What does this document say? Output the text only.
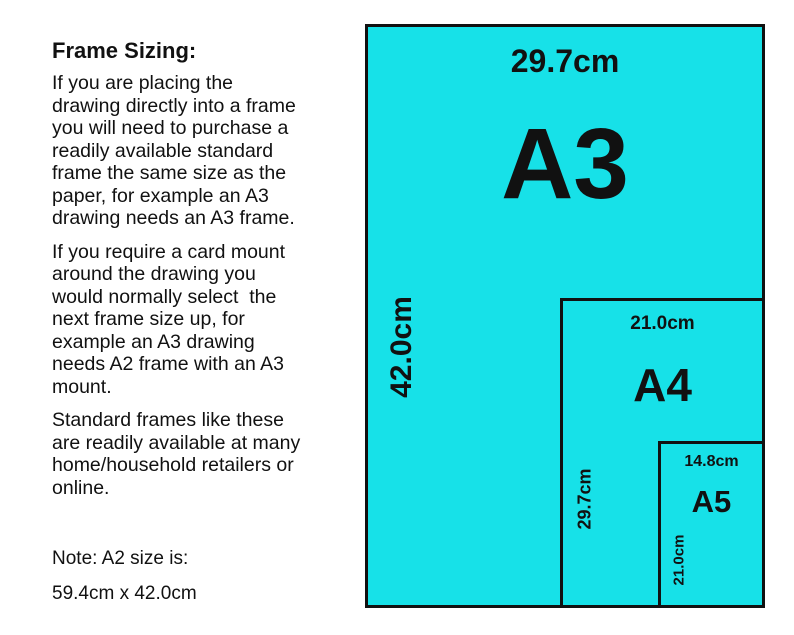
Frame Sizing:
If you are placing the
drawing directly into a frame
you will need to purchase a
readily available standard
frame the same size as the
paper, for example an A3
drawing needs an A3 frame.
If you require a card mount
around the drawing you
would normally select  the
next frame size up, for
example an A3 drawing
needs A2 frame with an A3
mount.
Standard frames like these
are readily available at many
home/household retailers or
online.
Note: A2 size is:
59.4cm x 42.0cm
29.7cm
A3
42.0cm	21.0cm
A4
29.7cm
14.8cm
A5
21.0cm
